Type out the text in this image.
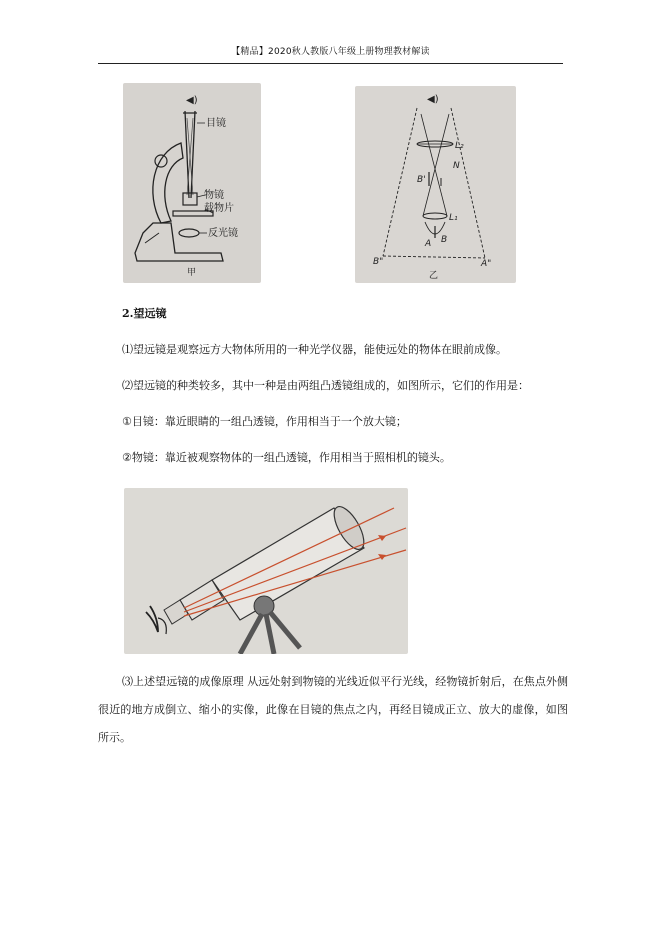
【精品】2020秋人教版八年级上册物理教材解读
◀)
目镜
物镜
载物片
反光镜
甲
◀)
L₂
N
B'
L₁
A B
B"	A"
乙
2.望远镜
⑴望远镜是观察远方大物体所用的一种光学仪器，能使远处的物体在眼前成像。
⑵望远镜的种类较多，其中一种是由两组凸透镜组成的，如图所示，它们的作用是：
①目镜：靠近眼睛的一组凸透镜，作用相当于一个放大镜；
②物镜：靠近被观察物体的一组凸透镜，作用相当于照相机的镜头。
⑶上述望远镜的成像原理 从远处射到物镜的光线近似平行光线，经物镜折射后，在焦点外侧很近的地方成倒立、缩小的实像，此像在目镜的焦点之内，再经目镜成正立、放大的虚像，如图所示。
